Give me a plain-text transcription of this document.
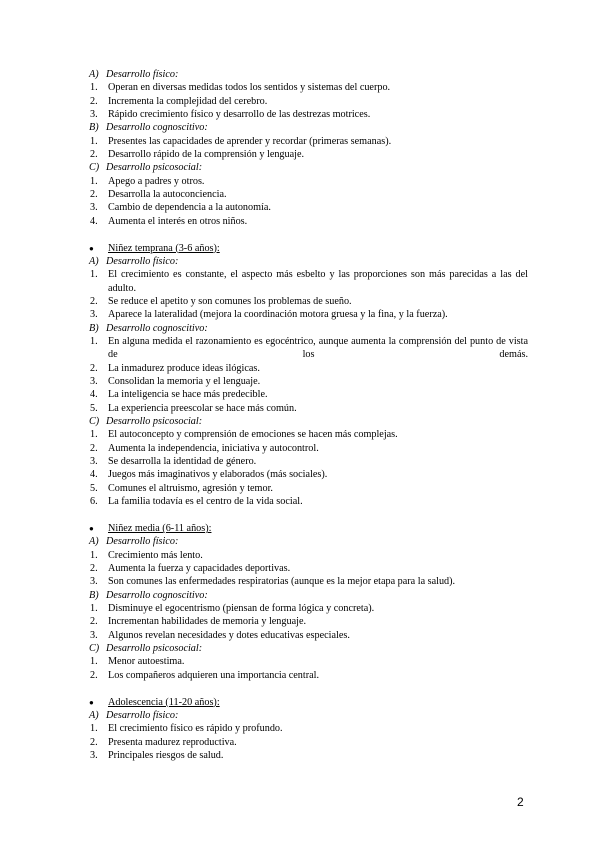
A) Desarrollo físico:
1. Operan en diversas medidas todos los sentidos y sistemas del cuerpo.
2. Incrementa la complejidad del cerebro.
3. Rápido crecimiento físico y desarrollo de las destrezas motrices.
B) Desarrollo cognoscitivo:
1. Presentes las capacidades de aprender y recordar (primeras semanas).
2. Desarrollo rápido de la comprensión y lenguaje.
C) Desarrollo psicosocial:
1. Apego a padres y otros.
2. Desarrolla la autoconciencia.
3. Cambio de dependencia a la autonomía.
4. Aumenta el interés en otros niños.
● Niñez temprana (3-6 años):
A) Desarrollo físico:
1. El crecimiento es constante, el aspecto más esbelto y las proporciones son más parecidas a las del adulto.
2. Se reduce el apetito y son comunes los problemas de sueño.
3. Aparece la lateralidad (mejora la coordinación motora gruesa y la fina, y la fuerza).
B) Desarrollo cognoscitivo:
1. En alguna medida el razonamiento es egocéntrico, aunque aumenta la comprensión del punto de vista de los demás.
2. La inmadurez produce ideas ilógicas.
3. Consolidan la memoria y el lenguaje.
4. La inteligencia se hace más predecible.
5. La experiencia preescolar se hace más común.
C) Desarrollo psicosocial:
1. El autoconcepto y comprensión de emociones se hacen más complejas.
2. Aumenta la independencia, iniciativa y autocontrol.
3. Se desarrolla la identidad de género.
4. Juegos más imaginativos y elaborados (más sociales).
5. Comunes el altruismo, agresión y temor.
6. La familia todavía es el centro de la vida social.
● Niñez media (6-11 años):
A) Desarrollo físico:
1. Crecimiento más lento.
2. Aumenta la fuerza y capacidades deportivas.
3. Son comunes las enfermedades respiratorias (aunque es la mejor etapa para la salud).
B) Desarrollo cognoscitivo:
1. Disminuye el egocentrismo (piensan de forma lógica y concreta).
2. Incrementan habilidades de memoria y lenguaje.
3. Algunos revelan necesidades y dotes educativas especiales.
C) Desarrollo psicosocial:
1. Menor autoestima.
2. Los compañeros adquieren una importancia central.
● Adolescencia (11-20 años):
A) Desarrollo físico:
1. El crecimiento físico es rápido y profundo.
2. Presenta madurez reproductiva.
3. Principales riesgos de salud.
2
